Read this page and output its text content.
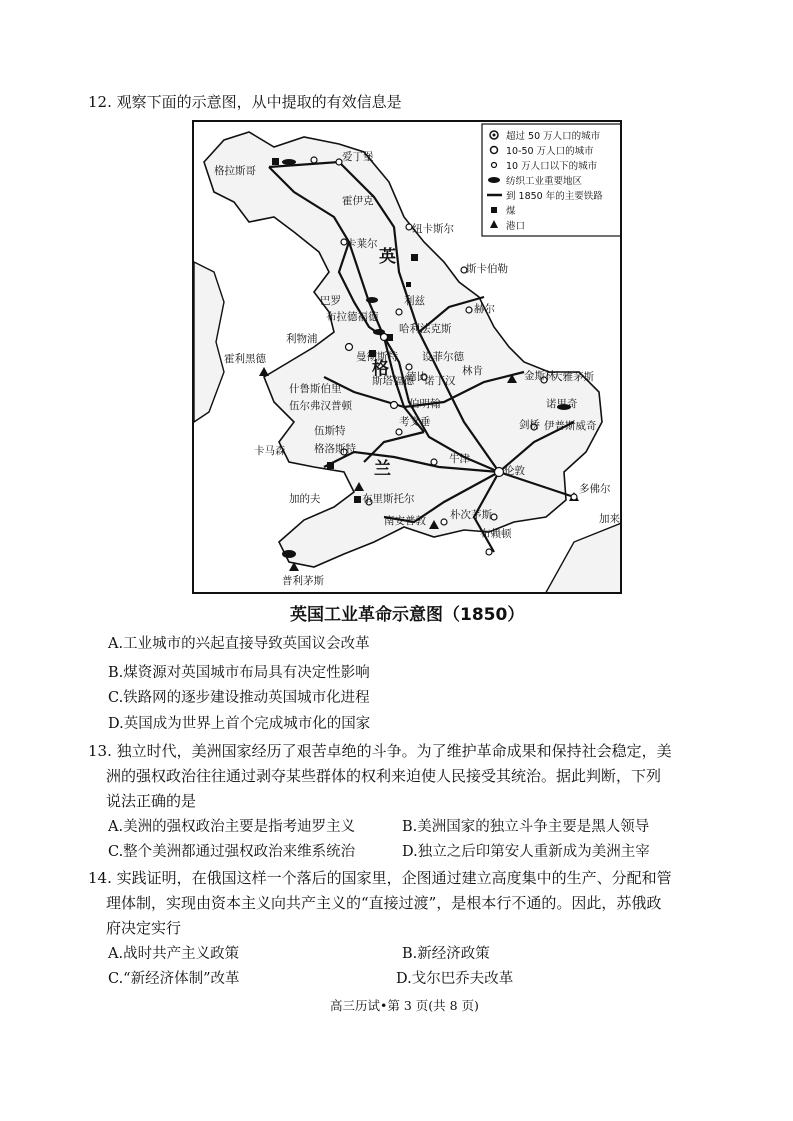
12. 观察下面的示意图，从中提取的有效信息是
超过 50 万人口的城市
10-50 万人口的城市
10 万人口以下的城市
纺织工业重要地区
到 1850 年的主要铁路
煤
港口
英
格
兰
格拉斯哥
爱丁堡
霍伊克
纽卡斯尔
卡莱尔
斯卡伯勒
巴罗	利兹
布拉德福德
赫尔
哈利法克斯
利物浦
曼彻斯特 设菲尔德
霍利黑德
德比
斯塔福德 诺丁汉
林肯	金斯林
大雅茅斯
什鲁斯伯里
伍尔弗汉普顿	伯明翰	诺里奇
考文垂	剑桥 伊普斯威奇
伍斯特
卡马森	格洛斯特
牛津
伦敦
加的夫	布里斯托尔
多佛尔
加来
南安普敦 朴次茅斯
布赖顿
普利茅斯
英国工业革命示意图（1850）
A.工业城市的兴起直接导致英国议会改革
B.煤资源对英国城市布局具有决定性影响
C.铁路网的逐步建设推动英国城市化进程
D.英国成为世界上首个完成城市化的国家
13. 独立时代，美洲国家经历了艰苦卓绝的斗争。为了维护革命成果和保持社会稳定，美
洲的强权政治往往通过剥夺某些群体的权利来迫使人民接受其统治。据此判断，下列
说法正确的是
A.美洲的强权政治主要是指考迪罗主义	B.美洲国家的独立斗争主要是黑人领导
C.整个美洲都通过强权政治来维系统治	D.独立之后印第安人重新成为美洲主宰
14. 实践证明，在俄国这样一个落后的国家里，企图通过建立高度集中的生产、分配和管
理体制，实现由资本主义向共产主义的“直接过渡”，是根本行不通的。因此，苏俄政
府决定实行
A.战时共产主义政策	B.新经济政策
C.“新经济体制”改革	D.戈尔巴乔夫改革
高三历试•第 3 页(共 8 页)
